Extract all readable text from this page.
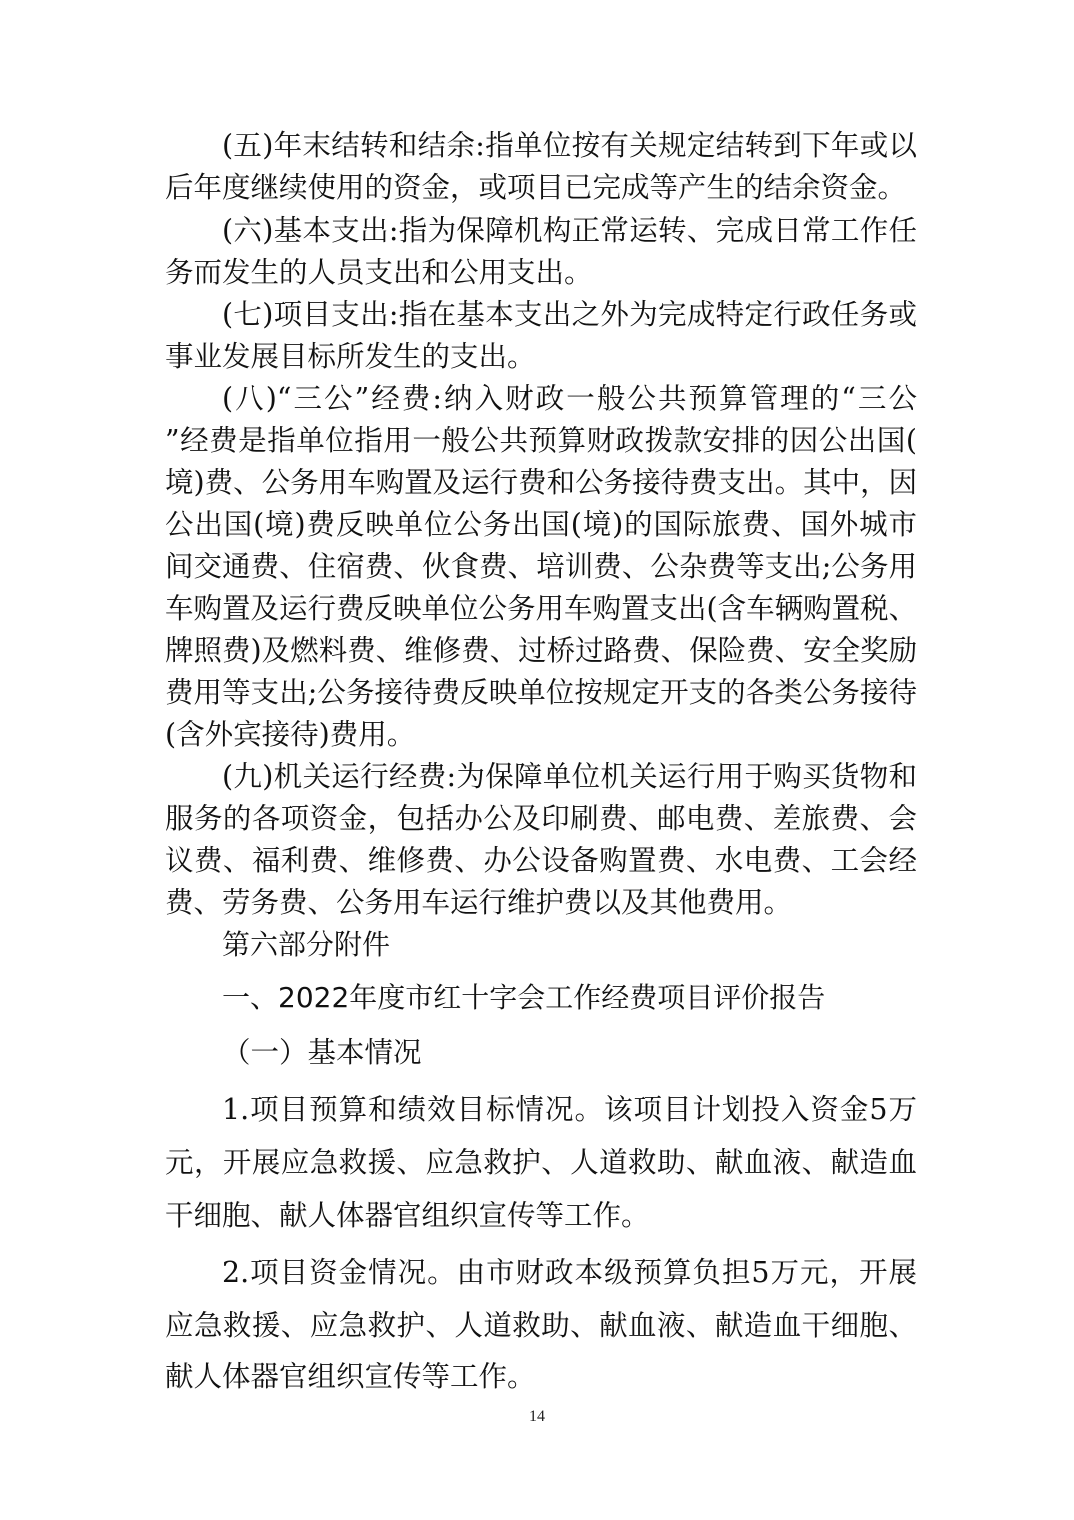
(五)年末结转和结余:指单位按有关规定结转到下年或以
后年度继续使用的资金，或项目已完成等产生的结余资金。
(六)基本支出:指为保障机构正常运转、完成日常工作任
务而发生的人员支出和公用支出。
(七)项目支出:指在基本支出之外为完成特定行政任务或
事业发展目标所发生的支出。
(八)“三公”经费:纳入财政一般公共预算管理的“三公
”经费是指单位指用一般公共预算财政拨款安排的因公出国(
境)费、公务用车购置及运行费和公务接待费支出。其中，因
公出国(境)费反映单位公务出国(境)的国际旅费、国外城市
间交通费、住宿费、伙食费、培训费、公杂费等支出;公务用
车购置及运行费反映单位公务用车购置支出(含车辆购置税、
牌照费)及燃料费、维修费、过桥过路费、保险费、安全奖励
费用等支出;公务接待费反映单位按规定开支的各类公务接待
(含外宾接待)费用。
(九)机关运行经费:为保障单位机关运行用于购买货物和
服务的各项资金，包括办公及印刷费、邮电费、差旅费、会
议费、福利费、维修费、办公设备购置费、水电费、工会经
费、劳务费、公务用车运行维护费以及其他费用。
第六部分附件
一、2022年度市红十字会工作经费项目评价报告
（一）基本情况
1.项目预算和绩效目标情况。该项目计划投入资金5万
元，开展应急救援、应急救护、人道救助、献血液、献造血
干细胞、献人体器官组织宣传等工作。
2.项目资金情况。由市财政本级预算负担5万元，开展
应急救援、应急救护、人道救助、献血液、献造血干细胞、
献人体器官组织宣传等工作。
14
